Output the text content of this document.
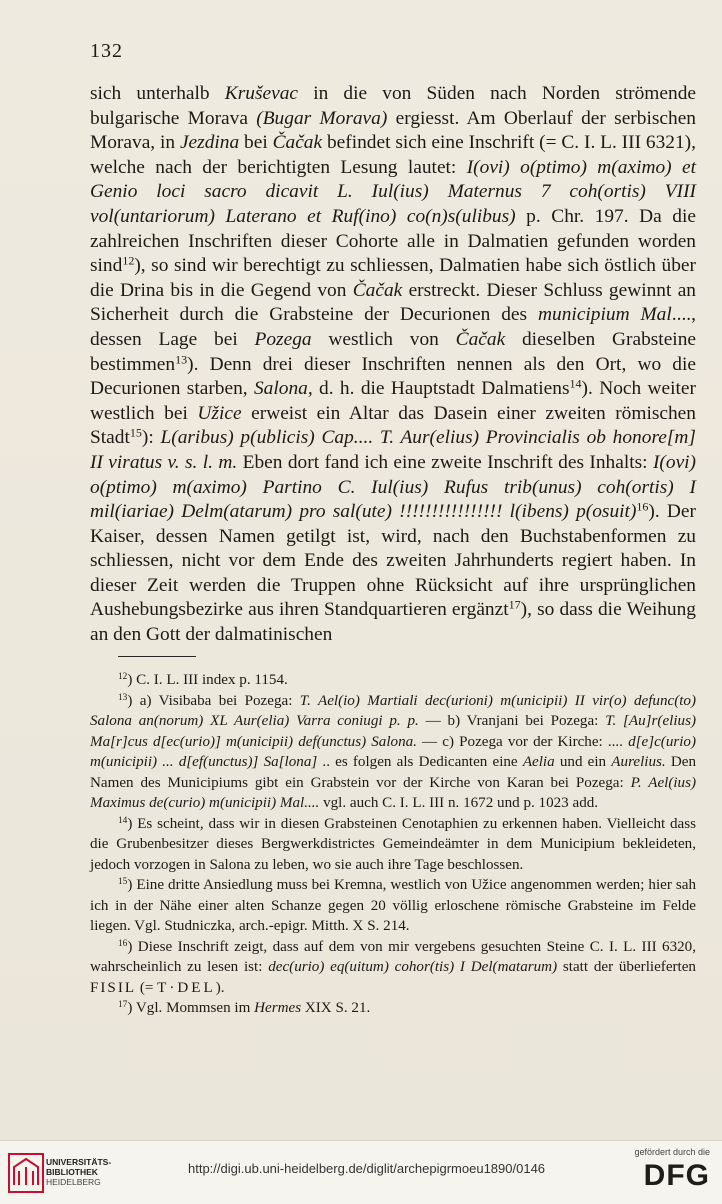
132

sich unterhalb Kruševac in die von Süden nach Norden strömende bulgarische Morava (Bugar Morava) ergiesst. Am Oberlauf der serbischen Morava, in Jezdina bei Čačak befindet sich eine Inschrift (= C. I. L. III 6321), welche nach der berichtigten Lesung lautet: I(ovi) o(ptimo) m(aximo) et Genio loci sacro dicavit L. Iul(ius) Maternus 7 coh(ortis) VIII vol(untariorum) Laterano et Ruf(ino) co(n)s(ulibus) p. Chr. 197. Da die zahlreichen Inschriften dieser Cohorte alle in Dalmatien gefunden worden sind$^{12}$), so sind wir berechtigt zu schliessen, Dalmatien habe sich östlich über die Drina bis in die Gegend von Čačak erstreckt. Dieser Schluss gewinnt an Sicherheit durch die Grabsteine der Decurionen des municipium Mal...., dessen Lage bei Pozega westlich von Čačak dieselben Grabsteine bestimmen$^{13}$). Denn drei dieser Inschriften nennen als den Ort, wo die Decurionen starben, Salona, d. h. die Hauptstadt Dalmatiens$^{14}$). Noch weiter westlich bei Užice erweist ein Altar das Dasein einer zweiten römischen Stadt$^{15}$): L(aribus) p(ublicis) Cap.... T. Aur(elius) Provincialis ob honore[m] II viratus v. s. l. m. Eben dort fand ich eine zweite Inschrift des Inhalts: I(ovi) o(ptimo) m(aximo) Partino C. Iul(ius) Rufus trib(unus) coh(ortis) I mil(iariae) Delm(atarum) pro sal(ute) !!!!!!!!!!!!!!!! l(ibens) p(osuit)$^{16}$). Der Kaiser, dessen Namen getilgt ist, wird, nach den Buchstabenformen zu schliessen, nicht vor dem Ende des zweiten Jahrhunderts regiert haben. In dieser Zeit werden die Truppen ohne Rücksicht auf ihre ursprünglichen Aushebungsbezirke aus ihren Standquartieren ergänzt$^{17}$), so dass die Weihung an den Gott der dalmatinischen

$^{12}$) C. I. L. III index p. 1154.

$^{13}$) a) Visibaba bei Pozega: T. Ael(io) Martiali dec(urioni) m(unicipii) II vir(o) defunc(to) Salona an(norum) XL Aur(elia) Varra coniugi p. p. — b) Vranjani bei Pozega: T. [Au]r(elius) Ma[r]cus d[ec(urio)] m(unicipii) def(unctus) Salona. — c) Pozega vor der Kirche: .... d[e]c(urio) m(unicipii) ... d[ef(unctus)] Sa[lona] .. es folgen als Dedicanten eine Aelia und ein Aurelius. Den Namen des Municipiums gibt ein Grabstein vor der Kirche von Karan bei Pozega: P. Ael(ius) Maximus de(curio) m(unicipii) Mal.... vgl. auch C. I. L. III n. 1672 und p. 1023 add.

$^{14}$) Es scheint, dass wir in diesen Grabsteinen Cenotaphien zu erkennen haben. Vielleicht dass die Grubenbesitzer dieses Bergwerkdistrictes Gemeindeämter in dem Municipium bekleideten, jedoch vorzogen in Salona zu leben, wo sie auch ihre Tage beschlossen.

$^{15}$) Eine dritte Ansiedlung muss bei Kremna, westlich von Užice angenommen werden; hier sah ich in der Nähe einer alten Schanze gegen 20 völlig erloschene römische Grabsteine im Felde liegen. Vgl. Studniczka, arch.-epigr. Mitth. X S. 214.

$^{16}$) Diese Inschrift zeigt, dass auf dem von mir vergebens gesuchten Steine C. I. L. III 6320, wahrscheinlich zu lesen ist: dec(urio) eq(uitum) cohor(tis) I Del(matarum) statt der überlieferten FISIL (= T·DEL).

$^{17}$) Vgl. Mommsen im Hermes XIX S. 21.

UNIVERSITÄTS-
BIBLIOTHEK
HEIDELBERG
http://digi.ub.uni-heidelberg.de/diglit/archepigrmoeu1890/0146
gefördert durch die
DFG
